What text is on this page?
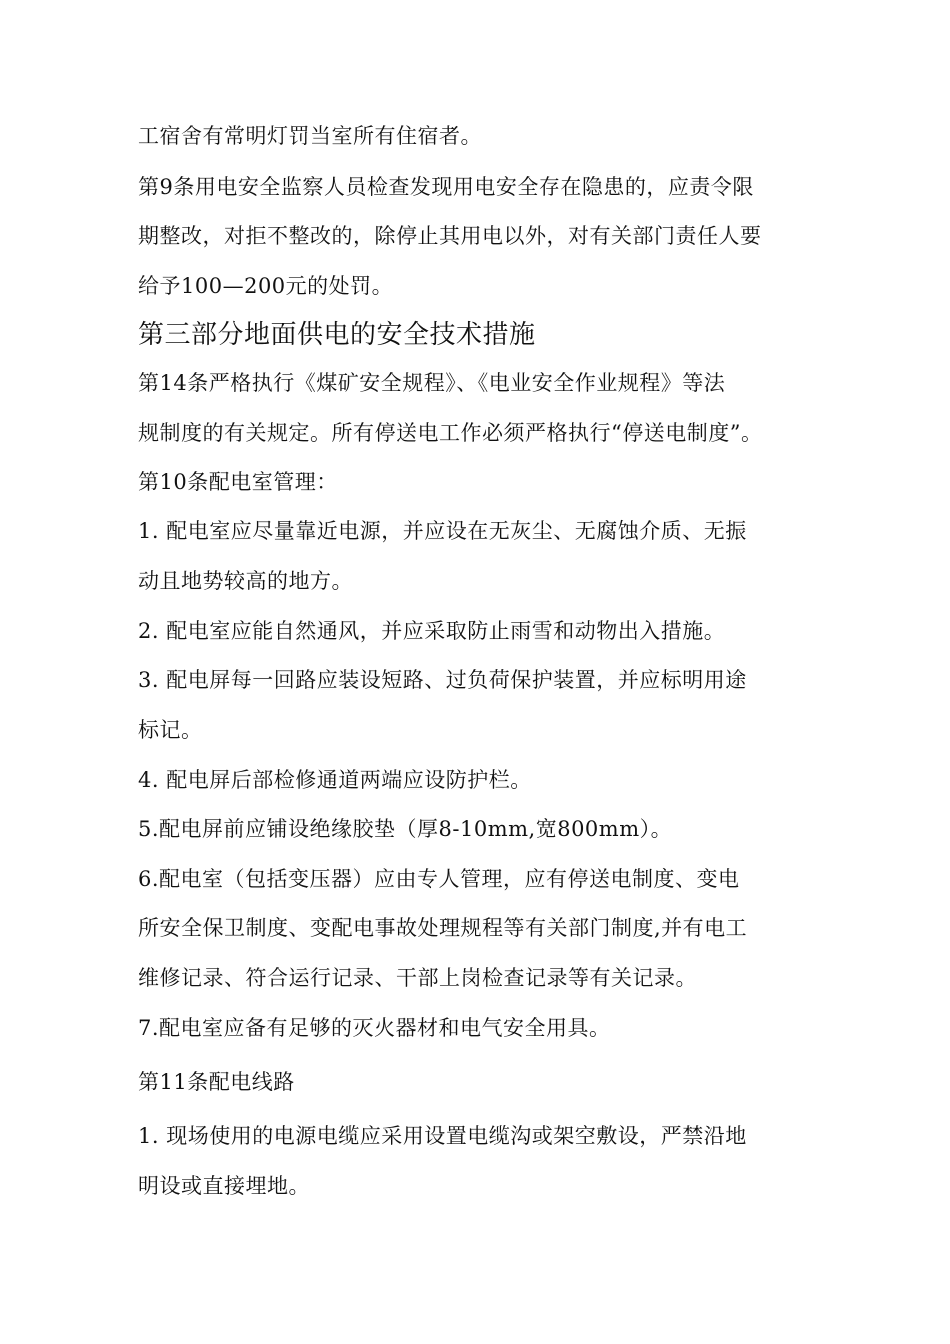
工宿舍有常明灯罚当室所有住宿者。
第9条用电安全监察人员检查发现用电安全存在隐患的，应责令限
期整改，对拒不整改的，除停止其用电以外，对有关部门责任人要
给予100—200元的处罚。
第三部分地面供电的安全技术措施
第14条严格执行《煤矿安全规程》、《电业安全作业规程》等法
规制度的有关规定。所有停送电工作必须严格执行“停送电制度”。
第10条配电室管理：
1. 配电室应尽量靠近电源，并应设在无灰尘、无腐蚀介质、无振
动且地势较高的地方。
2. 配电室应能自然通风，并应采取防止雨雪和动物出入措施。
3. 配电屏每一回路应装设短路、过负荷保护装置，并应标明用途
标记。
4. 配电屏后部检修通道两端应设防护栏。
5.配电屏前应铺设绝缘胶垫（厚8-10mm,宽800mm）。
6.配电室（包括变压器）应由专人管理，应有停送电制度、变电
所安全保卫制度、变配电事故处理规程等有关部门制度,并有电工
维修记录、符合运行记录、干部上岗检查记录等有关记录。
7.配电室应备有足够的灭火器材和电气安全用具。
第11条配电线路
1. 现场使用的电源电缆应采用设置电缆沟或架空敷设，严禁沿地
明设或直接埋地。
